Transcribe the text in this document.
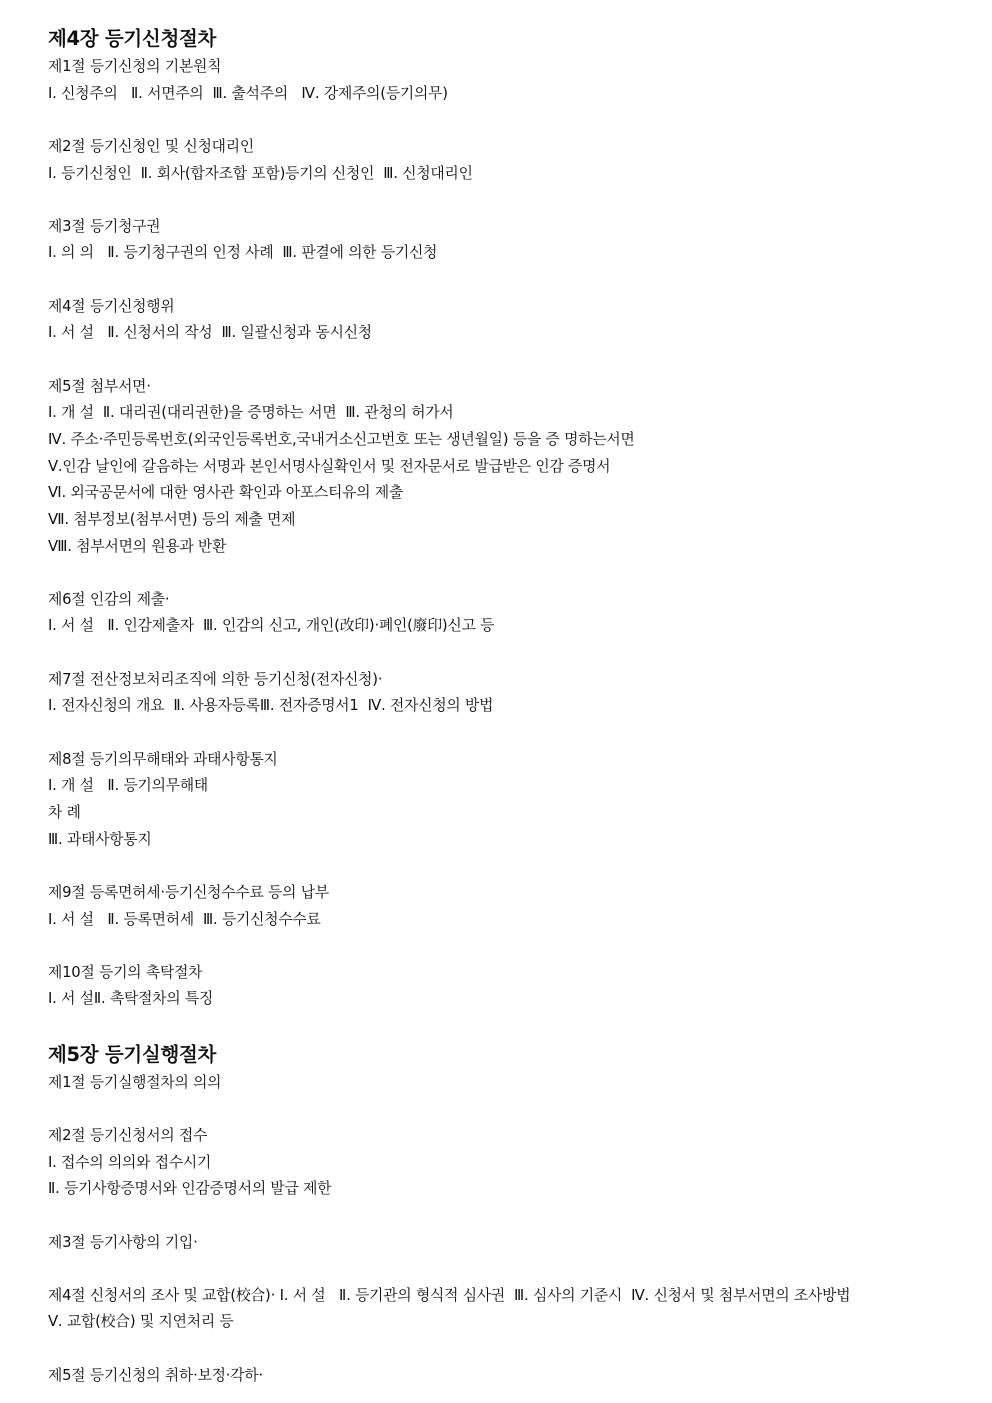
제4장 등기신청절차
제1절 등기신청의 기본원칙
Ⅰ. 신청주의   Ⅱ. 서면주의  Ⅲ. 출석주의   Ⅳ. 강제주의(등기의무)
제2절 등기신청인 및 신청대리인
Ⅰ. 등기신청인  Ⅱ. 회사(합자조합 포함)등기의 신청인  Ⅲ. 신청대리인
제3절 등기청구권
Ⅰ. 의 의   Ⅱ. 등기청구권의 인정 사례  Ⅲ. 판결에 의한 등기신청
제4절 등기신청행위
Ⅰ. 서 설   Ⅱ. 신청서의 작성  Ⅲ. 일괄신청과 동시신청
제5절 첨부서면·
Ⅰ. 개 설  Ⅱ. 대리권(대리권한)을 증명하는 서면  Ⅲ. 관청의 허가서
Ⅳ. 주소·주민등록번호(외국인등록번호,국내거소신고번호 또는 생년월일) 등을 증 명하는서면
Ⅴ.인감 날인에 갈음하는 서명과 본인서명사실확인서 및 전자문서로 발급받은 인감 증명서
Ⅵ. 외국공문서에 대한 영사관 확인과 아포스티유의 제출
Ⅶ. 첨부정보(첨부서면) 등의 제출 면제
Ⅷ. 첨부서면의 원용과 반환
제6절 인감의 제출·
Ⅰ. 서 설   Ⅱ. 인감제출자  Ⅲ. 인감의 신고, 개인(改印)·폐인(廢印)신고 등
제7절 전산정보처리조직에 의한 등기신청(전자신청)·
Ⅰ. 전자신청의 개요  Ⅱ. 사용자등록Ⅲ. 전자증명서1  Ⅳ. 전자신청의 방법
제8절 등기의무해태와 과태사항통지
Ⅰ. 개 설   Ⅱ. 등기의무해태
차 례
Ⅲ. 과태사항통지
제9절 등록면허세·등기신청수수료 등의 납부
Ⅰ. 서 설   Ⅱ. 등록면허세  Ⅲ. 등기신청수수료
제10절 등기의 촉탁절차
Ⅰ. 서 설Ⅱ. 촉탁절차의 특징
제5장 등기실행절차
제1절 등기실행절차의 의의
제2절 등기신청서의 접수
Ⅰ. 접수의 의의와 접수시기
Ⅱ. 등기사항증명서와 인감증명서의 발급 제한
제3절 등기사항의 기입·
제4절 신청서의 조사 및 교합(校合)· Ⅰ. 서 설   Ⅱ. 등기관의 형식적 심사권  Ⅲ. 심사의 기준시  Ⅳ. 신청서 및 첨부서면의 조사방법
Ⅴ. 교합(校合) 및 지연처리 등
제5절 등기신청의 취하·보정·각하·
